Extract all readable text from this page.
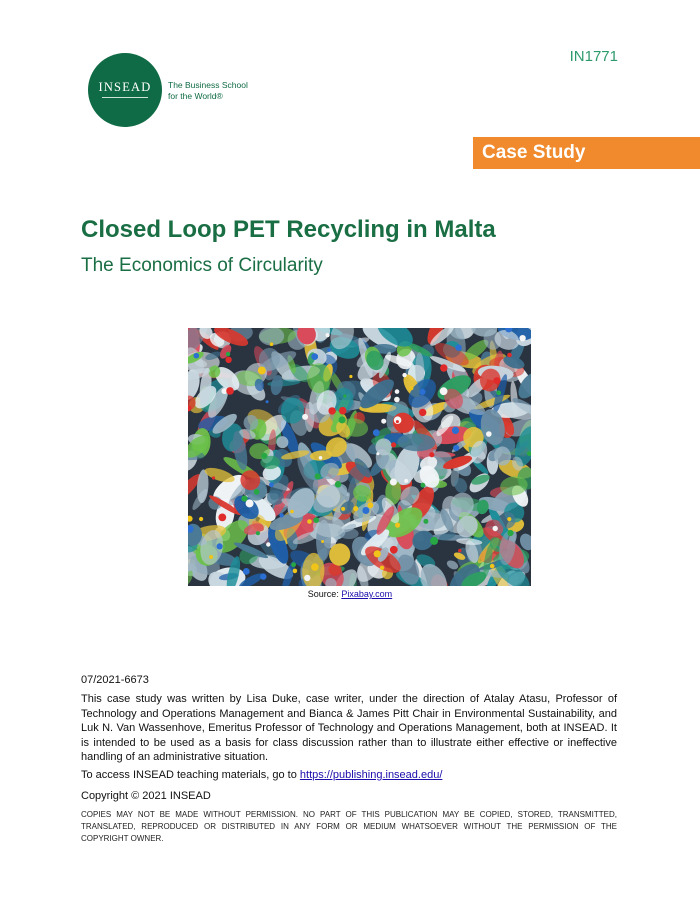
IN1771
INSEAD	The Business School
for the World®
Case Study
Closed Loop PET Recycling in Malta
The Economics of Circularity
Source: Pixabay.com
07/2021-6673
This case study was written by Lisa Duke, case writer, under the direction of Atalay Atasu, Professor of Technology and Operations Management and Bianca & James Pitt Chair in Environmental Sustainability, and Luk N. Van Wassenhove, Emeritus Professor of Technology and Operations Management, both at INSEAD. It is intended to be used as a basis for class discussion rather than to illustrate either effective or ineffective handling of an administrative situation.
To access INSEAD teaching materials, go to https://publishing.insead.edu/
Copyright © 2021 INSEAD
COPIES MAY NOT BE MADE WITHOUT PERMISSION. NO PART OF THIS PUBLICATION MAY BE COPIED, STORED, TRANSMITTED, TRANSLATED, REPRODUCED OR DISTRIBUTED IN ANY FORM OR MEDIUM WHATSOEVER WITHOUT THE PERMISSION OF THE COPYRIGHT OWNER.
